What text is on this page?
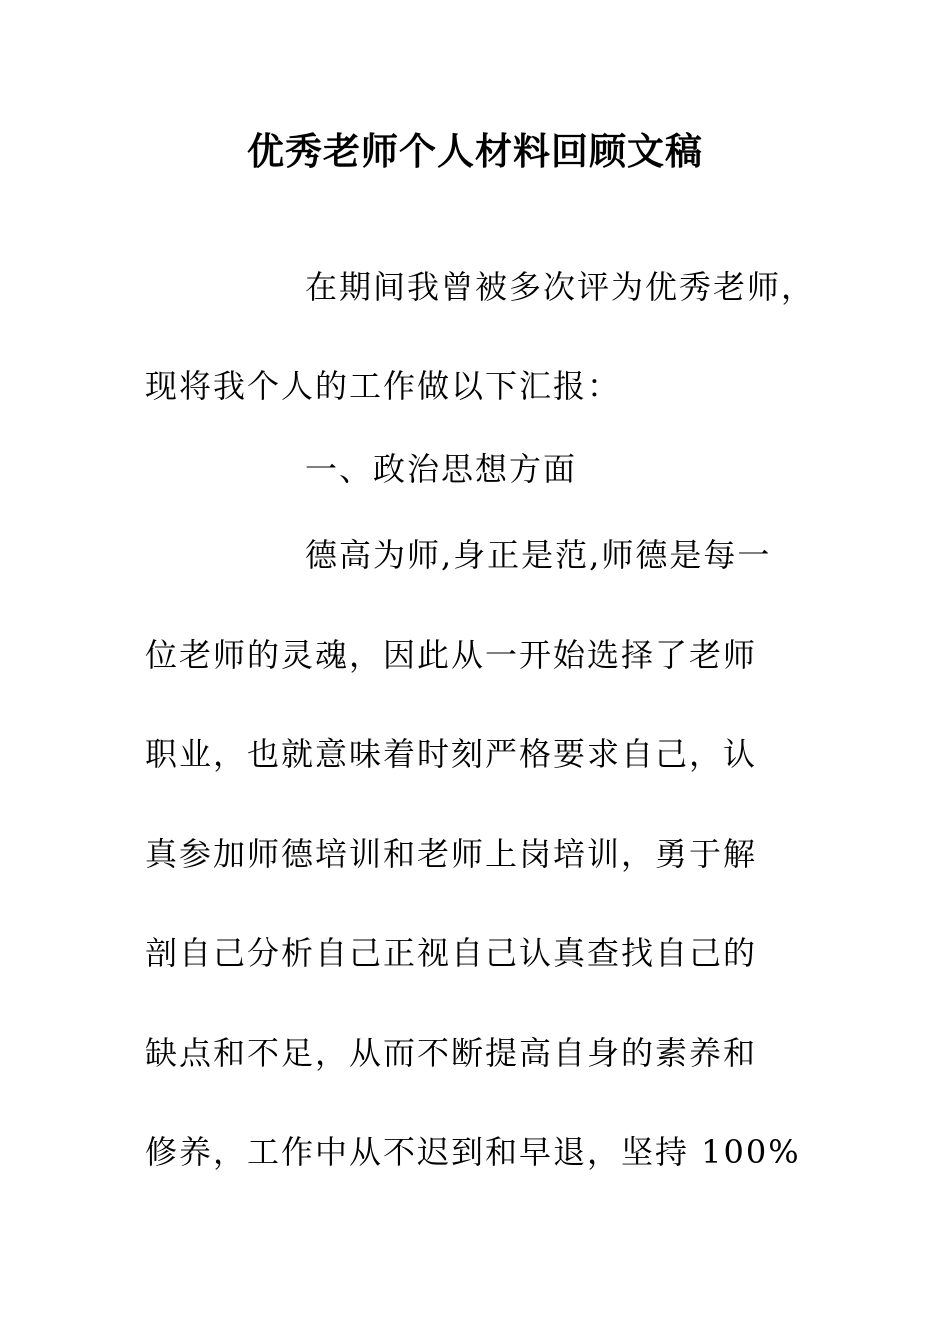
优秀老师个人材料回顾文稿
在期间我曾被多次评为优秀老师，
现将我个人的工作做以下汇报：
一、政治思想方面
德高为师,身正是范,师德是每一
位老师的灵魂，因此从一开始选择了老师
职业，也就意味着时刻严格要求自己，认
真参加师德培训和老师上岗培训，勇于解
剖自己分析自己正视自己认真查找自己的
缺点和不足，从而不断提高自身的素养和
修养，工作中从不迟到和早退，坚持 100%
